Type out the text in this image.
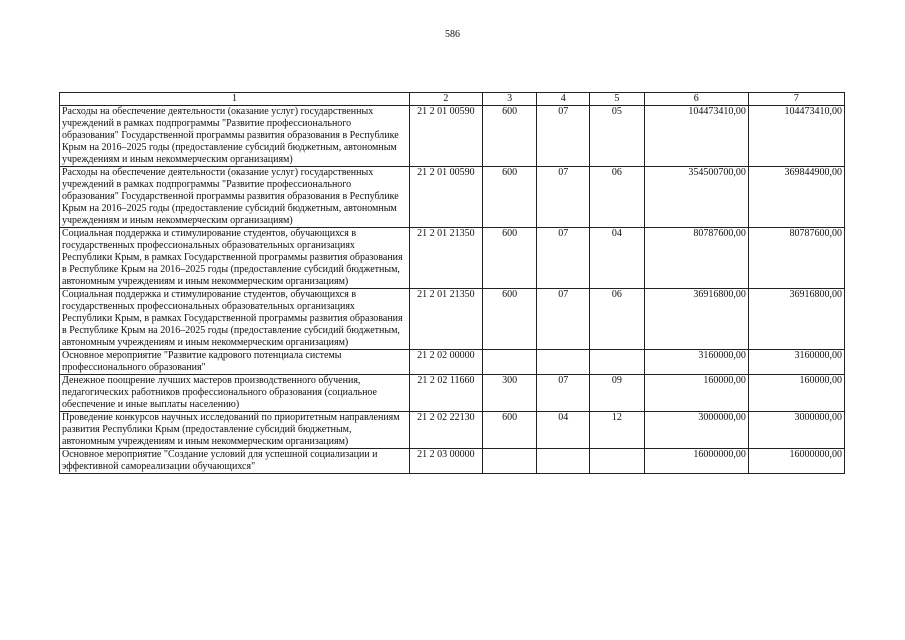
586
1	2	3	4	5	6	7
Расходы на обеспечение деятельности (оказание услуг) государственных учреждений в рамках подпрограммы "Развитие профессионального образования" Государственной программы развития образования в Республике Крым на 2016–2025 годы (предоставление субсидий бюджетным, автономным учреждениям и иным некоммерческим организациям)	21 2 01 00590	600	07	05	104473410,00	104473410,00
Расходы на обеспечение деятельности (оказание услуг) государственных учреждений в рамках подпрограммы "Развитие профессионального образования" Государственной программы развития образования в Республике Крым на 2016–2025 годы (предоставление субсидий бюджетным, автономным учреждениям и иным некоммерческим организациям)	21 2 01 00590	600	07	06	354500700,00	369844900,00
Социальная поддержка и стимулирование студентов, обучающихся в государственных профессиональных образовательных организациях Республики Крым, в рамках Государственной программы развития образования в Республике Крым на 2016–2025 годы (предоставление субсидий бюджетным, автономным учреждениям и иным некоммерческим организациям)	21 2 01 21350	600	07	04	80787600,00	80787600,00
Социальная поддержка и стимулирование студентов, обучающихся в государственных профессиональных образовательных организациях Республики Крым, в рамках Государственной программы развития образования в Республике Крым на 2016–2025 годы (предоставление субсидий бюджетным, автономным учреждениям и иным некоммерческим организациям)	21 2 01 21350	600	07	06	36916800,00	36916800,00
Основное мероприятие "Развитие кадрового потенциала системы профессионального образования"	21 2 02 00000				3160000,00	3160000,00
Денежное поощрение лучших мастеров производственного обучения, педагогических работников профессионального образования (социальное обеспечение и иные выплаты населению)	21 2 02 11660	300	07	09	160000,00	160000,00
Проведение конкурсов научных исследований по приоритетным направлениям развития Республики Крым (предоставление субсидий бюджетным, автономным учреждениям и иным некоммерческим организациям)	21 2 02 22130	600	04	12	3000000,00	3000000,00
Основное мероприятие "Создание условий для успешной социализации и эффективной самореализации обучающихся"	21 2 03 00000				16000000,00	16000000,00
